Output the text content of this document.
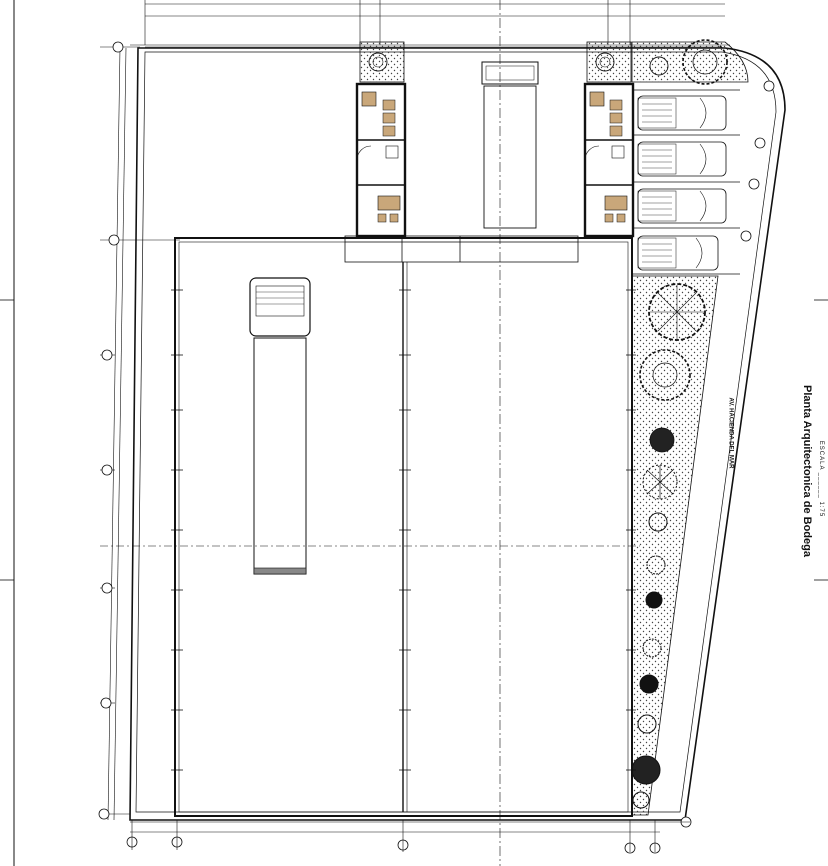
Planta Arquitectonica de Bodega ESCALA ______ 1:75
AV. HACIENDA DEL MAR
